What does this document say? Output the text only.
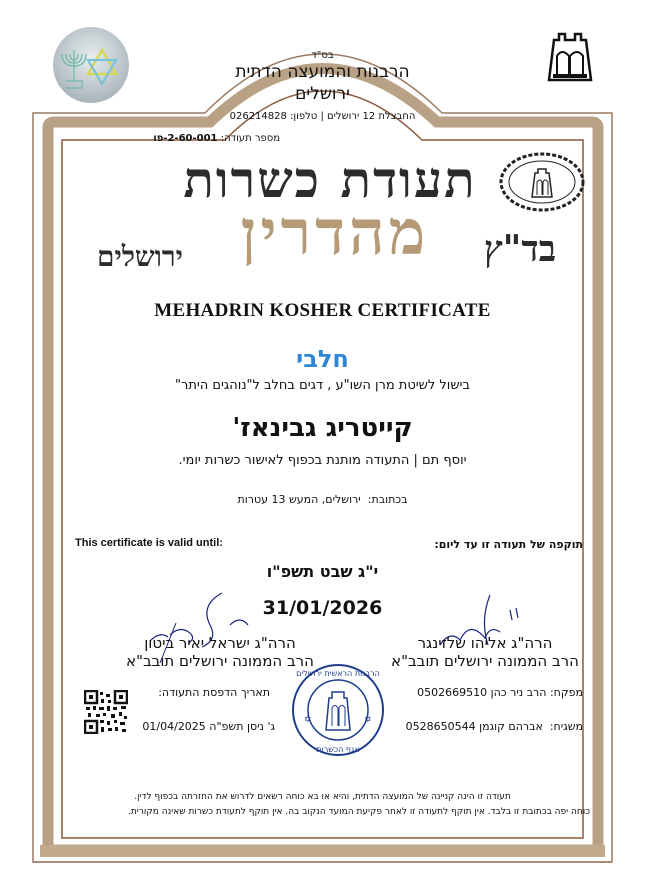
בס"ד
הרבנות והמועצה הדתית
ירושלים
החבצלת 12 ירושלים | טלפון: 026214828
מספר תעודה: 2-60-001-פו
תעודת כשרות
מהדרין	בד"ץ
ירושלים
MEHADRIN KOSHER CERTIFICATE
חלבי
בישול לשיטת מרן השו"ע , דגים בחלב ל"נוהגים היתר"
קייטריג גבינאז'
יוסף תם | התעודה מותנת בכפוף לאישור כשרות יומי.
בכתובת:  ירושלים, המעש 13 עטרות
תוקפה של תעודה זו עד ליום:
This certificate is valid until:
י"ג שבט תשפ"ו
31/01/2026
הרה"ג אליהו שלזינגר
הרב הממונה ירושלים תובב"א
הרה"ג ישראל יאיר ביטון
הרב הממונה ירושלים תובב"א
הרבנות הראשית ירושלים
אגף הכשרות
✡	✡
מפקח: הרב ניר כהן 0502669510
משגיח:  אברהם קוגמן 0528650544
תאריך הדפסת התעודה:
ג' ניסן תשפ"ה 01/04/2025
תעודה זו הינה קניינה של המועצה הדתית, והיא או בא כוחה רשאים לדרוש את החזרתה בכפוף לדין.
כוחה יפה בכתובת זו בלבד. אין תוקף לתעודה זו לאחר פקיעת המועד הנקוב בה. אין תוקף לתעודת כשרות שאינה מקורית.
